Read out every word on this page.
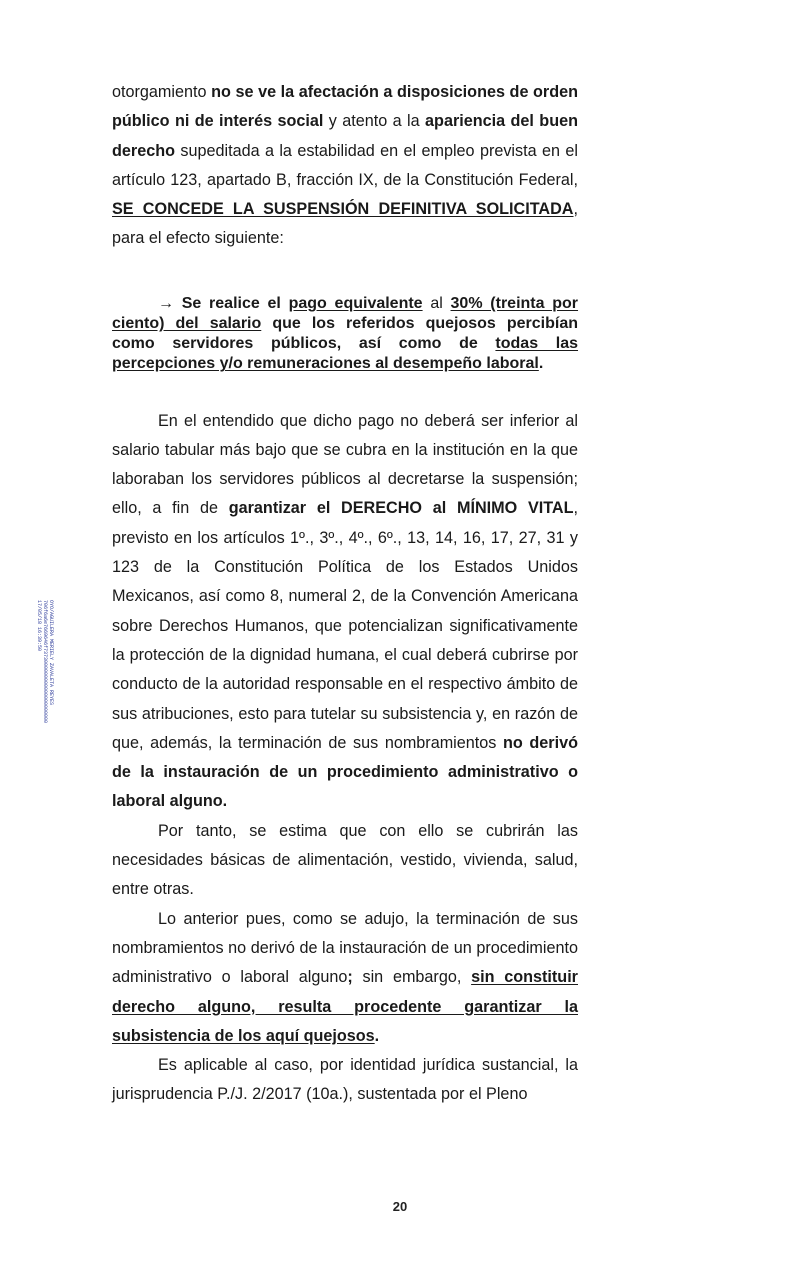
OYO/AGUILERA MERIELY ZAVALETA REYES
706f6a6e7669646f7373000000000000000000000
17/05/18 16:39:50

otorgamiento no se ve la afectación a disposiciones de orden público ni de interés social y atento a la apariencia del buen derecho supeditada a la estabilidad en el empleo prevista en el artículo 123, apartado B, fracción IX, de la Constitución Federal, SE CONCEDE LA SUSPENSIÓN DEFINITIVA SOLICITADA, para el efecto siguiente:

→ Se realice el pago equivalente al 30% (treinta por ciento) del salario que los referidos quejosos percibían como servidores públicos, así como de todas las percepciones y/o remuneraciones al desempeño laboral.

En el entendido que dicho pago no deberá ser inferior al salario tabular más bajo que se cubra en la institución en la que laboraban los servidores públicos al decretarse la suspensión; ello, a fin de garantizar el DERECHO al MÍNIMO VITAL, previsto en los artículos 1º., 3º., 4º., 6º., 13, 14, 16, 17, 27, 31 y 123 de la Constitución Política de los Estados Unidos Mexicanos, así como 8, numeral 2, de la Convención Americana sobre Derechos Humanos, que potencializan significativamente la protección de la dignidad humana, el cual deberá cubrirse por conducto de la autoridad responsable en el respectivo ámbito de sus atribuciones, esto para tutelar su subsistencia y, en razón de que, además, la terminación de sus nombramientos no derivó de la instauración de un procedimiento administrativo o laboral alguno.

Por tanto, se estima que con ello se cubrirán las necesidades básicas de alimentación, vestido, vivienda, salud, entre otras.

Lo anterior pues, como se adujo, la terminación de sus nombramientos no derivó de la instauración de un procedimiento administrativo o laboral alguno; sin embargo, sin constituir derecho alguno, resulta procedente garantizar la subsistencia de los aquí quejosos.

Es aplicable al caso, por identidad jurídica sustancial, la jurisprudencia P./J. 2/2017 (10a.), sustentada por el Pleno

20
